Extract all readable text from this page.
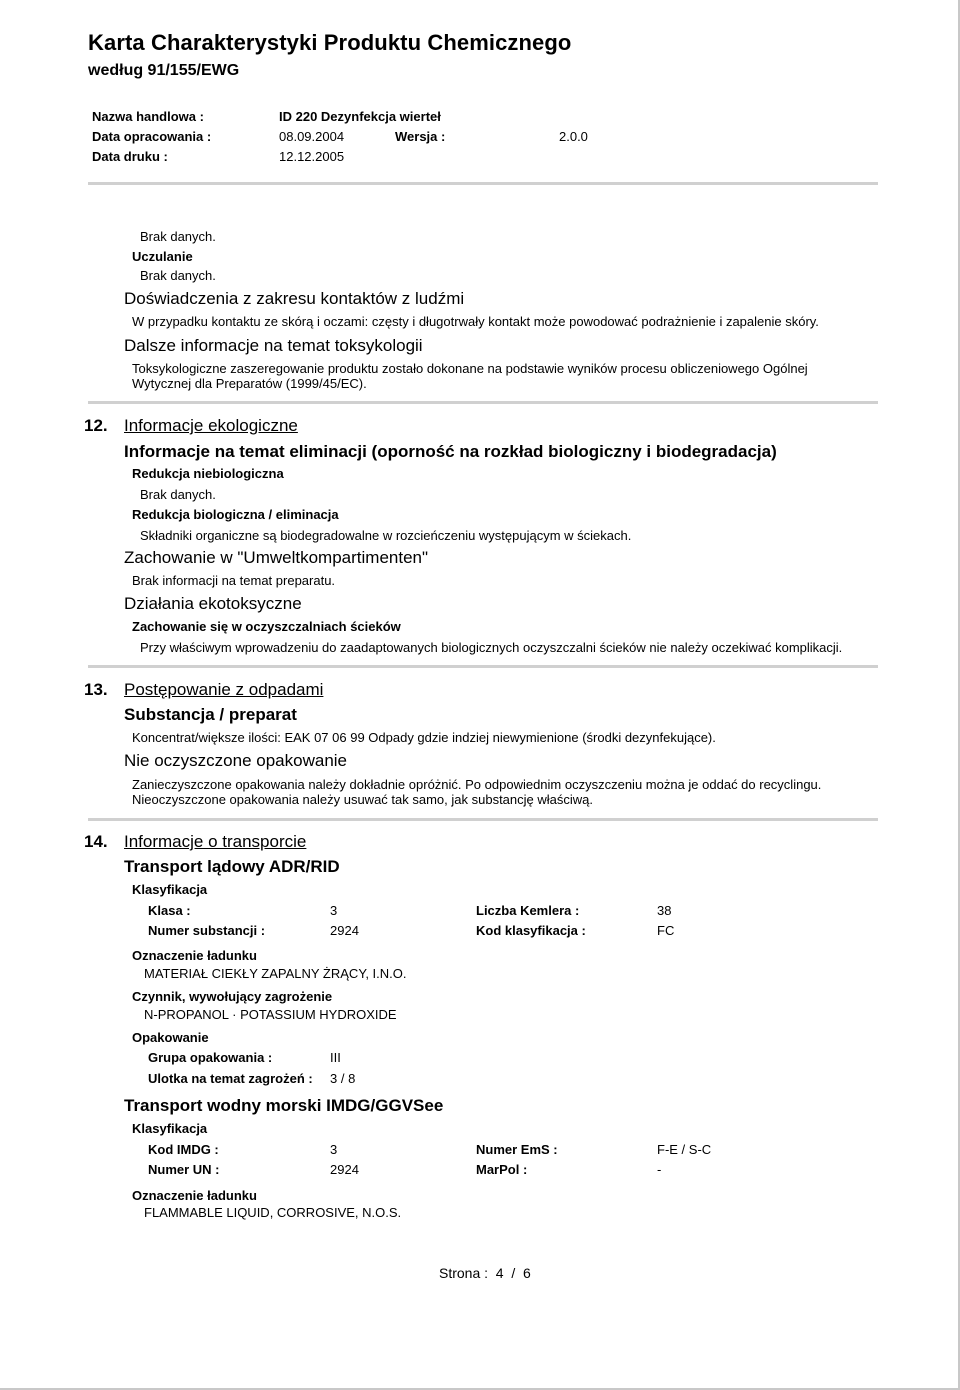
Karta Charakterystyki Produktu Chemicznego
według 91/155/EWG
Nazwa handlowa :	ID 220 Dezynfekcja wierteł
Data opracowania :	08.09.2004	Wersja :	2.0.0
Data druku :	12.12.2005
Brak danych.
Uczulanie
Brak danych.
Doświadczenia z zakresu kontaktów z ludźmi
W przypadku kontaktu ze skórą i oczami: częsty i długotrwały kontakt może powodować podrażnienie i zapalenie skóry.
Dalsze informacje na temat toksykologii
Toksykologiczne zaszeregowanie produktu zostało dokonane na podstawie wyników procesu obliczeniowego Ogólnej
Wytycznej dla Preparatów (1999/45/EC).
12. Informacje ekologiczne
Informacje na temat eliminacji (oporność na rozkład biologiczny i biodegradacja)
Redukcja niebiologiczna
Brak danych.
Redukcja biologiczna / eliminacja
Składniki organiczne są biodegradowalne w rozcieńczeniu występującym w ściekach.
Zachowanie w "Umweltkompartimenten"
Brak informacji na temat preparatu.
Działania ekotoksyczne
Zachowanie się w oczyszczalniach ścieków
Przy właściwym wprowadzeniu do zaadaptowanych biologicznych oczyszczalni ścieków nie należy oczekiwać komplikacji.
13. Postępowanie z odpadami
Substancja / preparat
Koncentrat/większe ilości: EAK 07 06 99 Odpady gdzie indziej niewymienione (środki dezynfekujące).
Nie oczyszczone opakowanie
Zanieczyszczone opakowania należy dokładnie opróżnić. Po odpowiednim oczyszczeniu można je oddać do recyclingu.
Nieoczyszczone opakowania należy usuwać tak samo, jak substancję właściwą.
14. Informacje o transporcie
Transport lądowy ADR/RID
Klasyfikacja
Klasa :	3	Liczba Kemlera :	38
Numer substancji :	2924	Kod klasyfikacja :	FC
Oznaczenie ładunku
MATERIAŁ CIEKŁY ZAPALNY ŻRĄCY, I.N.O.
Czynnik, wywołujący zagrożenie
N-PROPANOL · POTASSIUM HYDROXIDE
Opakowanie
Grupa opakowania :	III
Ulotka na temat zagrożeń : 3 / 8
Transport wodny morski IMDG/GGVSee
Klasyfikacja
Kod IMDG :	3	Numer EmS :	F-E / S-C
Numer UN :	2924	MarPol :	-
Oznaczenie ładunku
FLAMMABLE LIQUID, CORROSIVE, N.O.S.
Strona :  4  /  6
